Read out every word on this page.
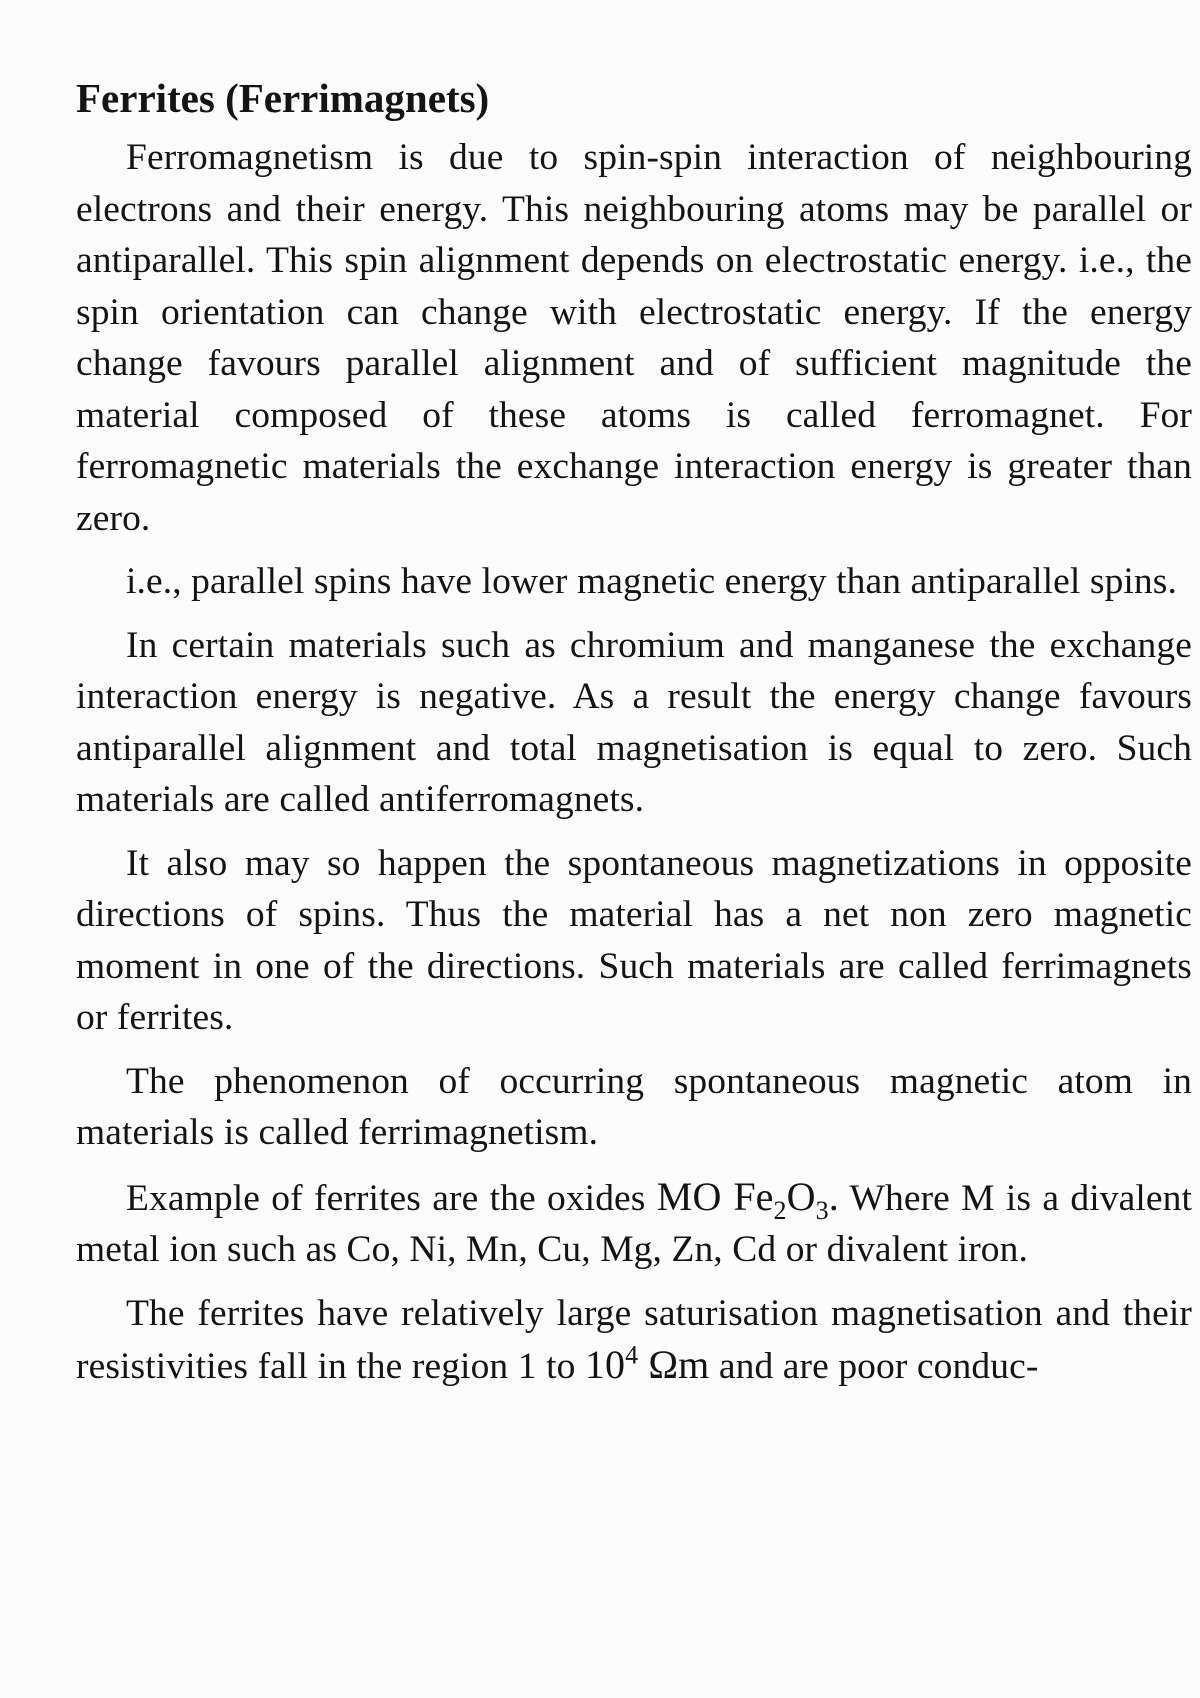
Ferrites (Ferrimagnets)

Ferromagnetism is due to spin-spin interaction of neighbouring electrons and their energy. This neighbouring atoms may be parallel or antiparallel. This spin alignment depends on electrostatic energy. i.e., the spin orientation can change with electrostatic energy. If the energy change favours parallel alignment and of sufficient magnitude the material composed of these atoms is called ferromagnet. For ferromagnetic materials the exchange interaction energy is greater than zero.

i.e., parallel spins have lower magnetic energy than antiparallel spins.

In certain materials such as chromium and manganese the exchange interaction energy is negative. As a result the energy change favours antiparallel alignment and total magnetisation is equal to zero. Such materials are called antiferromagnets.

It also may so happen the spontaneous magnetizations in opposite directions of spins. Thus the material has a net non zero magnetic moment in one of the directions. Such materials are called ferrimagnets or ferrites.

The phenomenon of occurring spontaneous magnetic atom in materials is called ferrimagnetism.

Example of ferrites are the oxides MO $Fe_2O_3$. Where M is a divalent metal ion such as Co, Ni, Mn, Cu, Mg, Zn, Cd or divalent iron.

The ferrites have relatively large saturisation magnetisation and their resistivities fall in the region 1 to $10^4$ Ωm and are poor conduc-
